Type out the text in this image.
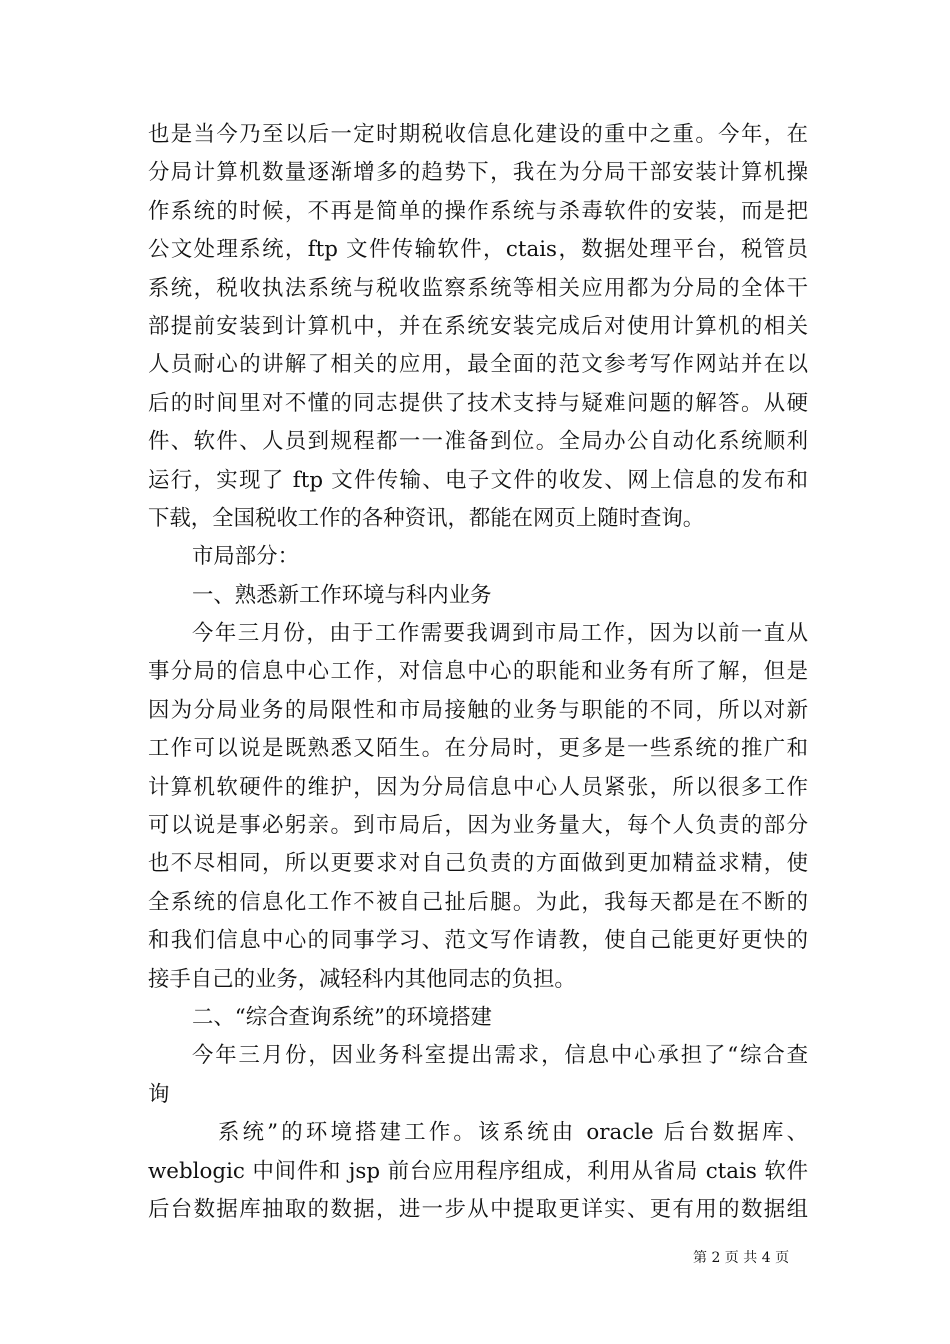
也是当今乃至以后一定时期税收信息化建设的重中之重。今年，在
分局计算机数量逐渐增多的趋势下，我在为分局干部安装计算机操
作系统的时候，不再是简单的操作系统与杀毒软件的安装，而是把
公文处理系统，ftp 文件传输软件，ctais，数据处理平台，税管员
系统，税收执法系统与税收监察系统等相关应用都为分局的全体干
部提前安装到计算机中，并在系统安装完成后对使用计算机的相关
人员耐心的讲解了相关的应用，最全面的范文参考写作网站并在以
后的时间里对不懂的同志提供了技术支持与疑难问题的解答。从硬
件、软件、人员到规程都一一准备到位。全局办公自动化系统顺利
运行，实现了 ftp 文件传输、电子文件的收发、网上信息的发布和
下载，全国税收工作的各种资讯，都能在网页上随时查询。
市局部分：
一、熟悉新工作环境与科内业务
今年三月份，由于工作需要我调到市局工作，因为以前一直从
事分局的信息中心工作，对信息中心的职能和业务有所了解，但是
因为分局业务的局限性和市局接触的业务与职能的不同，所以对新
工作可以说是既熟悉又陌生。在分局时，更多是一些系统的推广和
计算机软硬件的维护，因为分局信息中心人员紧张，所以很多工作
可以说是事必躬亲。到市局后，因为业务量大，每个人负责的部分
也不尽相同，所以更要求对自己负责的方面做到更加精益求精，使
全系统的信息化工作不被自己扯后腿。为此，我每天都是在不断的
和我们信息中心的同事学习、范文写作请教，使自己能更好更快的
接手自己的业务，减轻科内其他同志的负担。
二、“综合查询系统”的环境搭建
今年三月份，因业务科室提出需求，信息中心承担了“综合查
询
系统”的环境搭建工作。该系统由 oracle 后台数据库、
weblogic 中间件和 jsp 前台应用程序组成，利用从省局 ctais 软件
后台数据库抽取的数据，进一步从中提取更详实、更有用的数据组
第 2 页 共 4 页
